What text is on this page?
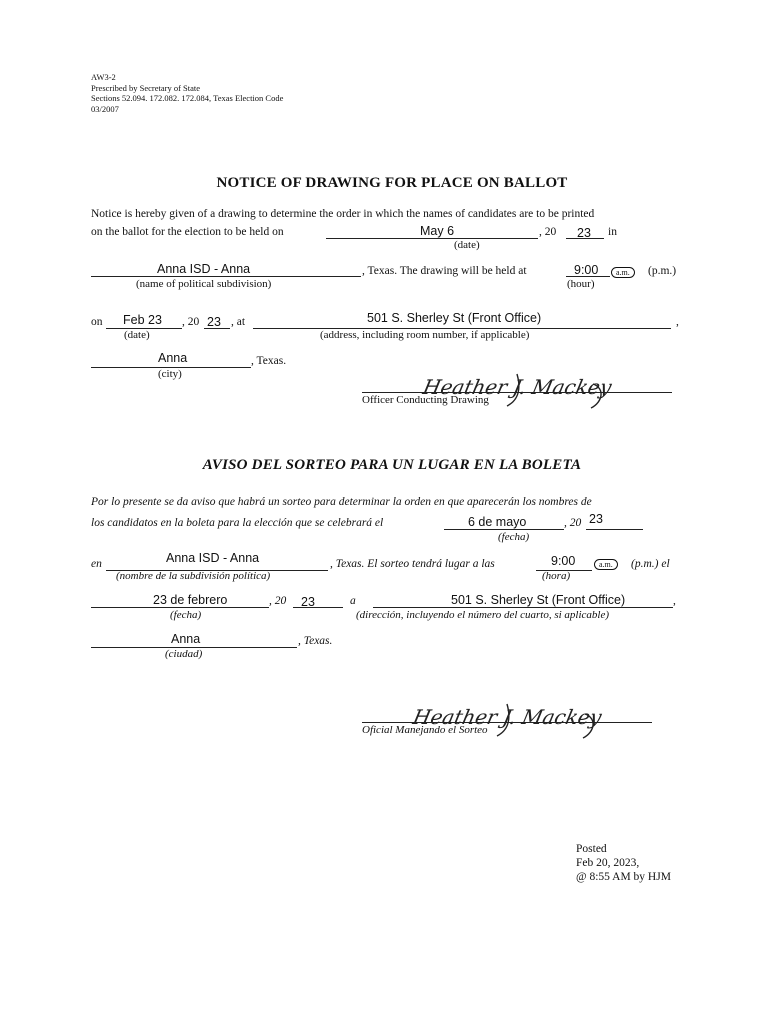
AW3-2
Prescribed by Secretary of State
Sections 52.094. 172.082. 172.084, Texas Election Code
03/2007
NOTICE OF DRAWING FOR PLACE ON BALLOT
Notice is hereby given of a drawing to determine the order in which the names of candidates are to be printed
on the ballot for the election to be held on	May 6	, 20 23 in
(date)
Anna ISD - Anna	, Texas. The drawing will be held at	9:00	a.m.	(p.m.)
(name of political subdivision)	(hour)
on Feb 23 , 20 23 , at	501 S. Sherley St (Front Office)	,
(date)	(address, including room number, if applicable)
Anna	, Texas.
(city)
Heather J. Mackey
Officer Conducting Drawing
AVISO DEL SORTEO PARA UN LUGAR EN LA BOLETA
Por lo presente se da aviso que habrá un sorteo para determinar la orden en que aparecerán los nombres de
los candidatos en la boleta para la elección que se celebrará el	6 de mayo	, 20 23
(fecha)
en	Anna ISD - Anna	, Texas. El sorteo tendrá lugar a las	9:00	a.m.	(p.m.) el
(nombre de la subdivisión política)	(hora)
23 de febrero	, 20 23	a	501 S. Sherley St (Front Office)	,
(fecha)	(dirección, incluyendo el número del cuarto, si aplicable)
Anna	, Texas.
(ciudad)
Heather J. Mackey
Oficial Manejando el Sorteo
Posted
Feb 20, 2023,
@ 8:55 AM by HJM
